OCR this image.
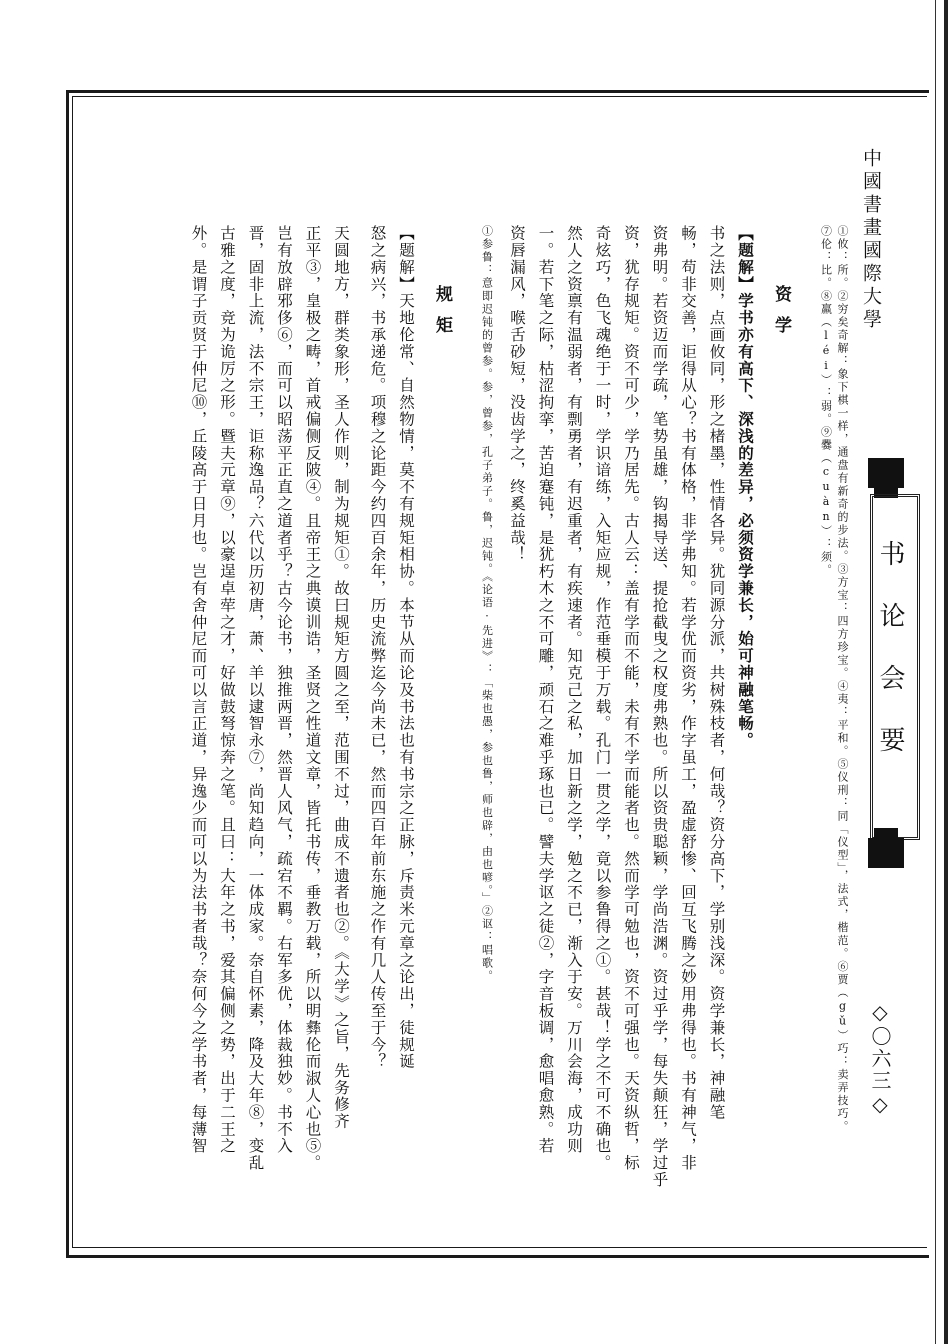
中國書畫國際大學
书论会要
◇〇六三◇
①攸：所。②穷矣奇解：象下棋一样，通盘有新奇的步法。③方宝：四方珍宝。④夷：平和。⑤仪刑：同「仪型」，法式，楷范。⑥贾（gǔ）巧：卖弄技巧。
⑦伦：比。⑧羸（léi）：弱。⑨爨（cuàn）：须。
资学
【题解】学书亦有高下、深浅的差异，必须资学兼长，始可神融笔畅。
书之法则，点画攸同，形之楮墨，性情各异。犹同源分派，共树殊枝者，何哉？资分高下，学别浅深。资学兼长，神融笔
畅，苟非交善，讵得从心？书有体格，非学弗知。若学优而资劣，作字虽工，盈虚舒惨、回互飞腾之妙用弗得也。书有神气，非
资弗明。若资迈而学疏，笔势虽雄，钩揭导送、提抢截曳之权度弗熟也。所以资贵聪颖，学尚浩渊。资过乎学，每失颠狂，学过乎
资，犹存规矩。资不可少，学乃居先。古人云：盖有学而不能，未有不学而能者也。然而学可勉也，资不可强也。天资纵哲，标
奇炫巧，色飞魂绝于一时，学识谙练，入矩应规，作范垂模于万载。孔门一贯之学，竟以参鲁得之①。甚哉！学之不可不确也。
然人之资禀有温弱者，有剽勇者，有迟重者，有疾速者。知克己之私，加日新之学，勉之不已，渐入于安。万川会海，成功则
一。若下笔之际，枯涩拘挛，苦迫蹇钝，是犹朽木之不可雕，顽石之难乎琢也已。譬夫学讴之徒②，字音板调，愈唱愈熟。若
资唇漏风，喉舌砂短，没齿学之，终奚益哉！
①参鲁：意即迟钝的曾参。参，曾参，孔子弟子。鲁，迟钝。《论语·先进》：「柴也愚，参也鲁，师也辟，由也喭。」②讴：唱歌。
规矩
【题解】天地伦常、自然物情，莫不有规矩相协。本节从而论及书法也有书宗之正脉，斥责米元章之论出，徒规诞
怒之病兴，书承递危。项穆之论距今约四百余年，历史流弊迄今尚未已，然而四百年前东施之作有几人传至于今？
天圆地方，群类象形，圣人作则，制为规矩①。故曰规矩方圆之至，范围不过，曲成不遗者也②。《大学》之旨，先务修齐
正平③，皇极之畴，首戒偏侧反陂④。且帝王之典谟训诰，圣贤之性道文章，皆托书传，垂教万载，所以明彝伦而淑人心也⑤。
岂有放辟邪侈⑥，而可以昭荡平正直之道者乎？古今论书，独推两晋，然晋人风气，疏宕不羁。右军多优，体裁独妙。书不入
晋，固非上流，法不宗王，讵称逸品？六代以历初唐，萧、羊以逮智永⑦，尚知趋向，一体成家。奈自怀素，降及大年⑧，变乱
古雅之度，竞为诡厉之形。暨夫元章⑨，以豪逞卓荦之才，好做鼓弩惊奔之笔。且曰：大年之书，爱其偏侧之势，出于二王之
外。是谓子贡贤于仲尼⑩，丘陵高于日月也。岂有舍仲尼而可以言正道，异逸少而可以为法书者哉？奈何今之学书者，每薄智
